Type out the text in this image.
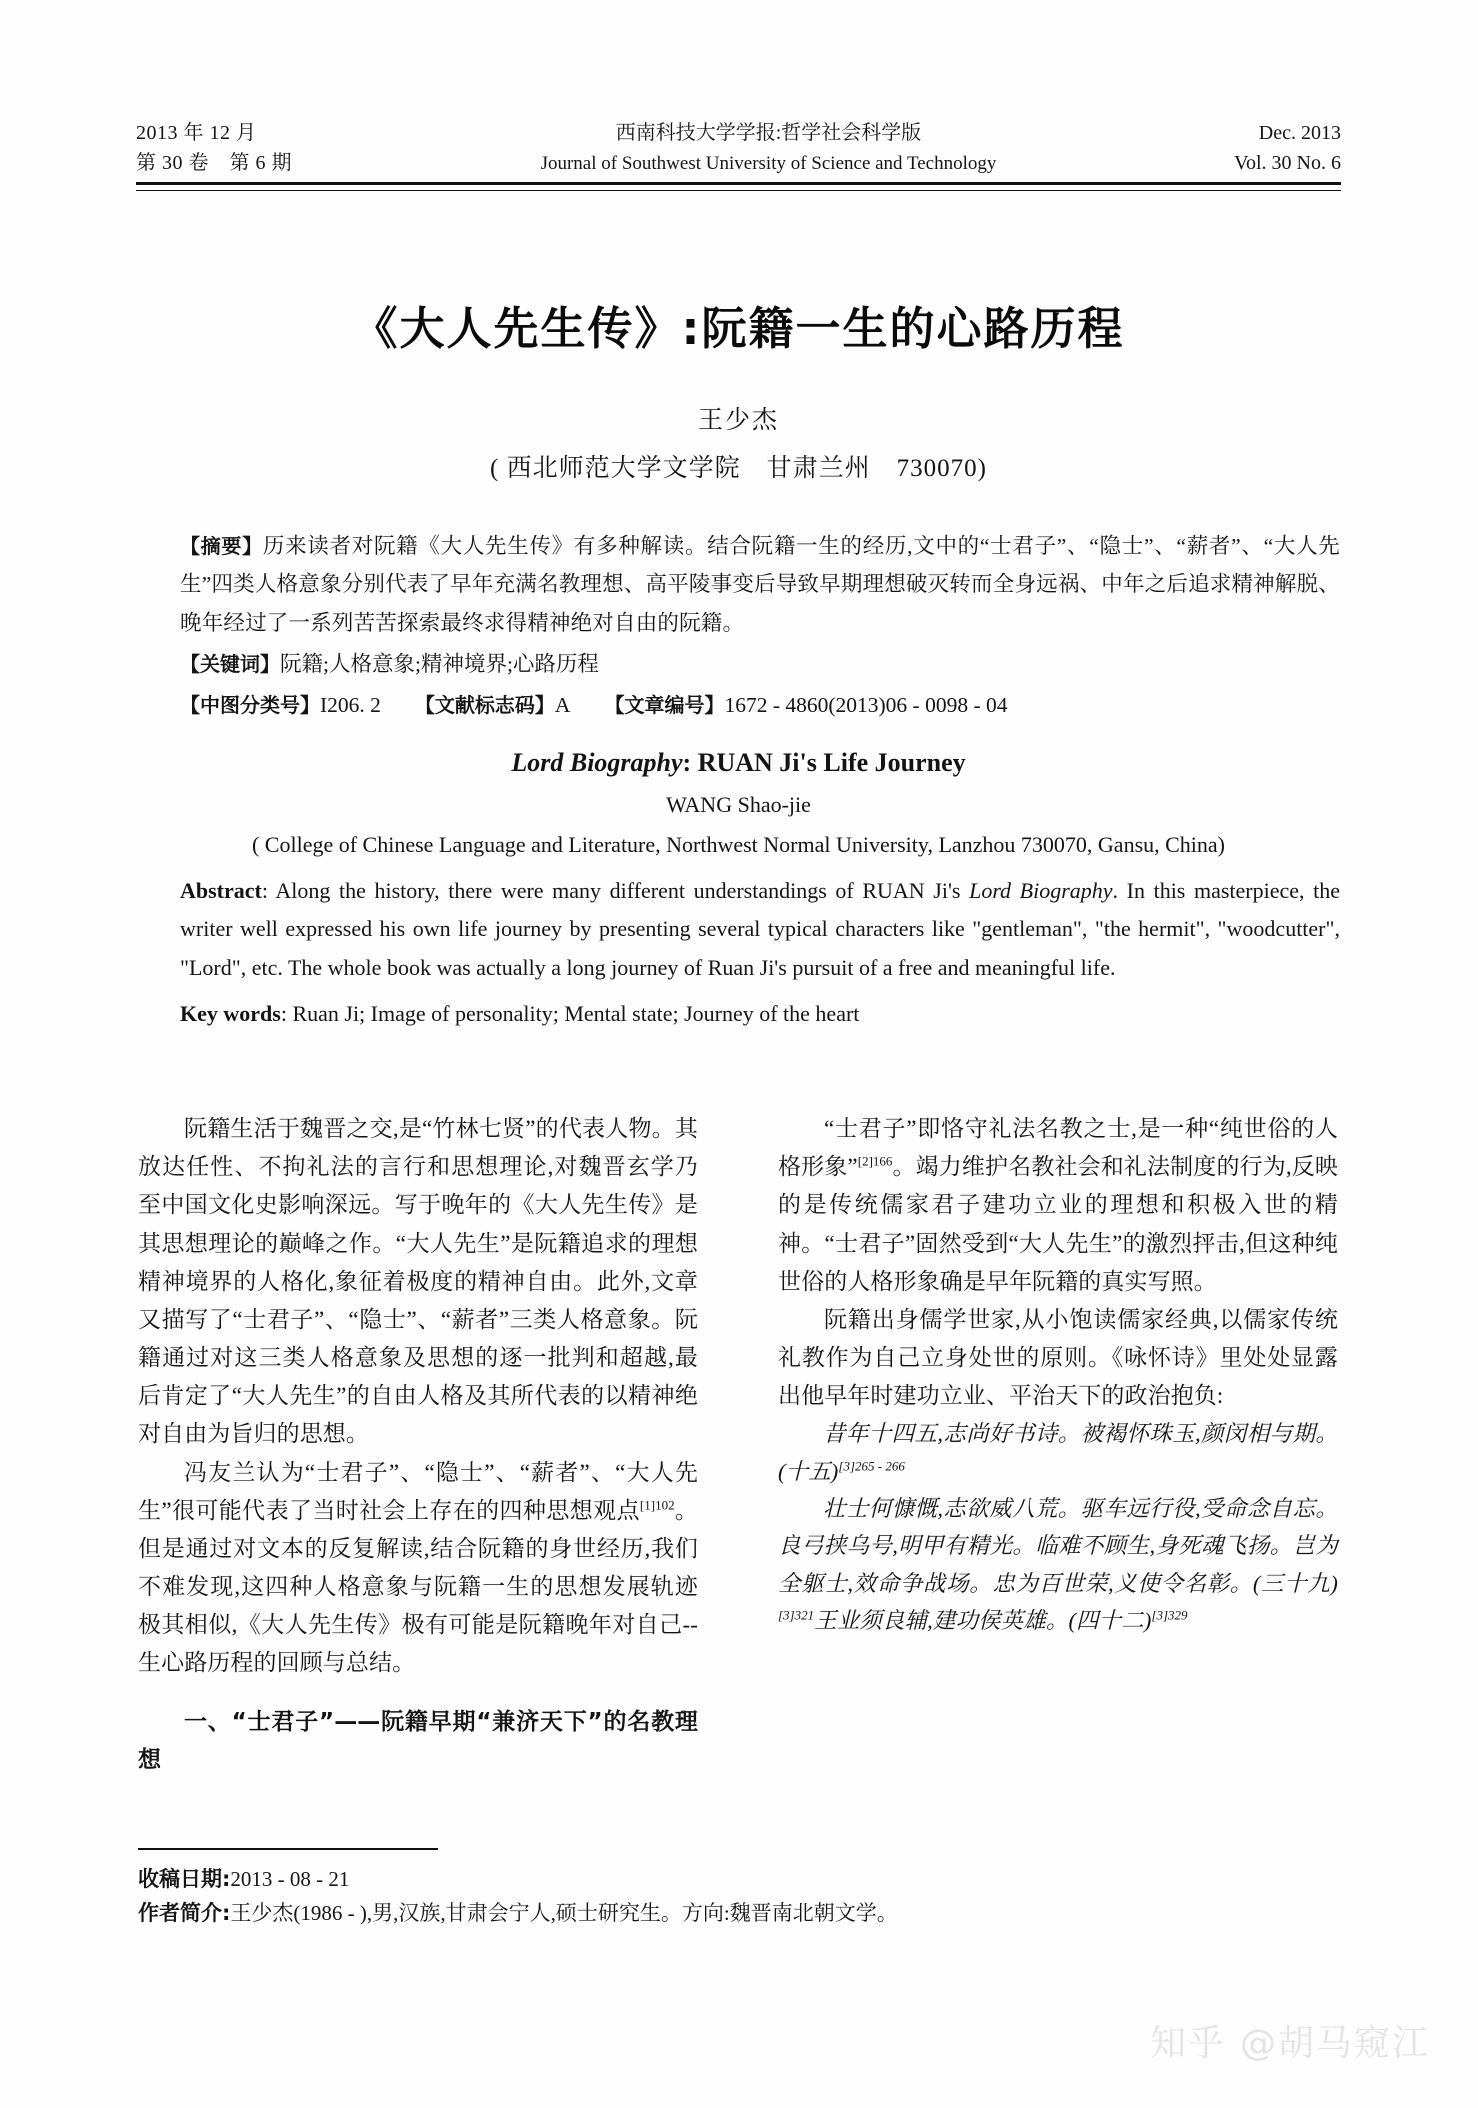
2013 年 12 月	西南科技大学学报:哲学社会科学版	Dec. 2013
第 30 卷　第 6 期	Journal of Southwest University of Science and Technology	Vol. 30 No. 6
《大人先生传》:阮籍一生的心路历程
王少杰
( 西北师范大学文学院　甘肃兰州　730070)
【摘要】历来读者对阮籍《大人先生传》有多种解读。结合阮籍一生的经历,文中的“士君子”、“隐士”、“薪者”、“大人先生”四类人格意象分别代表了早年充满名教理想、高平陵事变后导致早期理想破灭转而全身远祸、中年之后追求精神解脱、晚年经过了一系列苦苦探索最终求得精神绝对自由的阮籍。
【关键词】阮籍;人格意象;精神境界;心路历程
【中图分类号】I206. 2 【文献标志码】A 【文章编号】1672 - 4860(2013)06 - 0098 - 04
Lord Biography: RUAN Ji's Life Journey
WANG Shao-jie
( College of Chinese Language and Literature, Northwest Normal University, Lanzhou 730070, Gansu, China)
Abstract: Along the history, there were many different understandings of RUAN Ji's Lord Biography. In this masterpiece, the writer well expressed his own life journey by presenting several typical characters like "gentleman", "the hermit", "woodcutter", "Lord", etc. The whole book was actually a long journey of Ruan Ji's pursuit of a free and meaningful life.
Key words: Ruan Ji; Image of personality; Mental state; Journey of the heart

阮籍生活于魏晋之交,是“竹林七贤”的代表人物。其放达任性、不拘礼法的言行和思想理论,对魏晋玄学乃至中国文化史影响深远。写于晚年的《大人先生传》是其思想理论的巅峰之作。“大人先生”是阮籍追求的理想精神境界的人格化,象征着极度的精神自由。此外,文章又描写了“士君子”、“隐士”、“薪者”三类人格意象。阮籍通过对这三类人格意象及思想的逐一批判和超越,最后肯定了“大人先生”的自由人格及其所代表的以精神绝对自由为旨归的思想。

冯友兰认为“士君子”、“隐士”、“薪者”、“大人先生”很可能代表了当时社会上存在的四种思想观点$^{[1]102}$。但是通过对文本的反复解读,结合阮籍的身世经历,我们不难发现,这四种人格意象与阮籍一生的思想发展轨迹极其相似,《大人先生传》极有可能是阮籍晚年对自己--生心路历程的回顾与总结。

一、“士君子”——阮籍早期“兼济天下”的名教理想

“士君子”即恪守礼法名教之士,是一种“纯世俗的人格形象”$^{[2]166}$。竭力维护名教社会和礼法制度的行为,反映的是传统儒家君子建功立业的理想和积极入世的精神。“士君子”固然受到“大人先生”的激烈抨击,但这种纯世俗的人格形象确是早年阮籍的真实写照。

阮籍出身儒学世家,从小饱读儒家经典,以儒家传统礼教作为自己立身处世的原则。《咏怀诗》里处处显露出他早年时建功立业、平治天下的政治抱负:

昔年十四五,志尚好书诗。被褐怀珠玉,颜闵相与期。(十五)$^{[3]265 - 266}$

壮士何慷慨,志欲威八荒。驱车远行役,受命念自忘。良弓挟乌号,明甲有精光。临难不顾生,身死魂飞扬。岂为全躯士,效命争战场。忠为百世荣,义使令名彰。(三十九)$^{[3]321}$王业须良辅,建功侯英雄。(四十二)$^{[3]329}$

收稿日期:2013 - 08 - 21
作者简介:王少杰(1986 - ),男,汉族,甘肃会宁人,硕士研究生。方向:魏晋南北朝文学。
知乎 @胡马窥江
